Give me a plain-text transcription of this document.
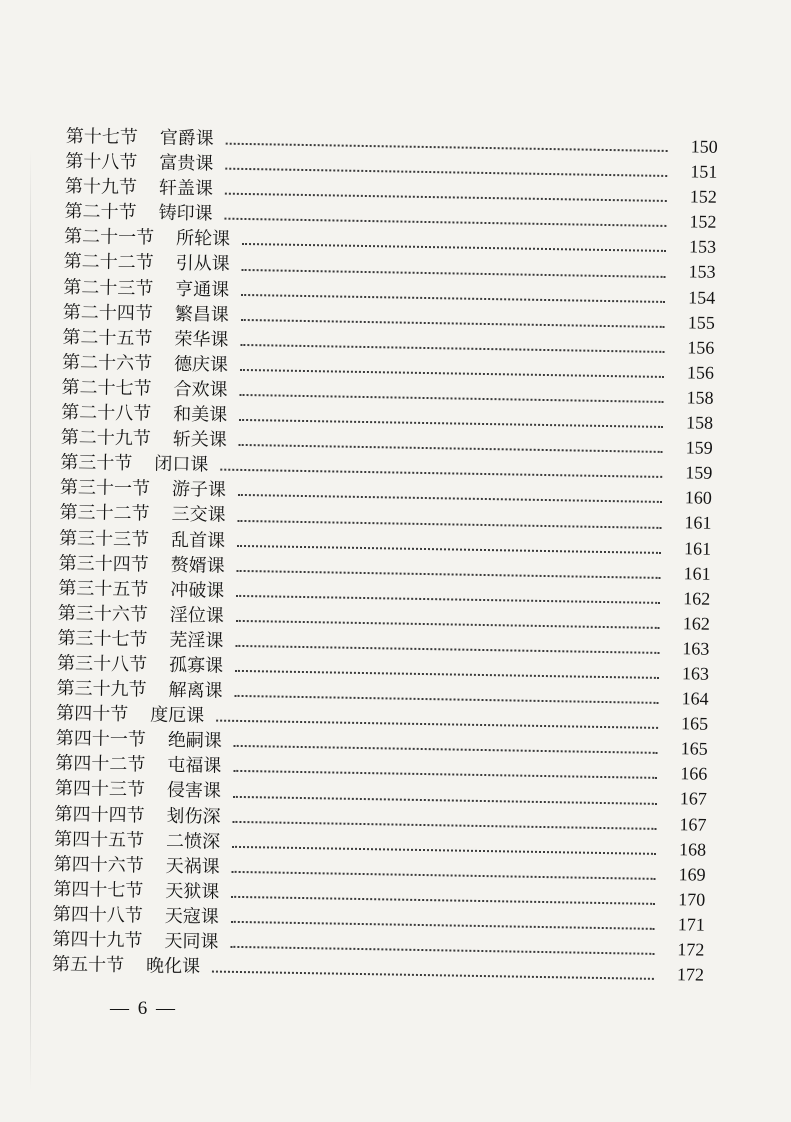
第十七节 官爵课	150
第十八节 富贵课	151
第十九节 轩盖课	152
第二十节 铸印课	152
第二十一节 所轮课	153
第二十二节 引从课	153
第二十三节 亨通课	154
第二十四节 繁昌课	155
第二十五节 荣华课	156
第二十六节 德庆课	156
第二十七节 合欢课	158
第二十八节 和美课	158
第二十九节 斩关课	159
第三十节 闭口课	159
第三十一节 游子课	160
第三十二节 三交课	161
第三十三节 乱首课	161
第三十四节 赘婿课	161
第三十五节 冲破课	162
第三十六节 淫位课	162
第三十七节 芜淫课	163
第三十八节 孤寡课	163
第三十九节 解离课	164
第四十节 度厄课	165
第四十一节 绝嗣课	165
第四十二节 屯福课	166
第四十三节 侵害课	167
第四十四节 刬伤深	167
第四十五节 二愤深	168
第四十六节 天祸课	169
第四十七节 天狱课	170
第四十八节 天寇课	171
第四十九节 天同课	172
第五十节 晚化课	172
— 6 —
